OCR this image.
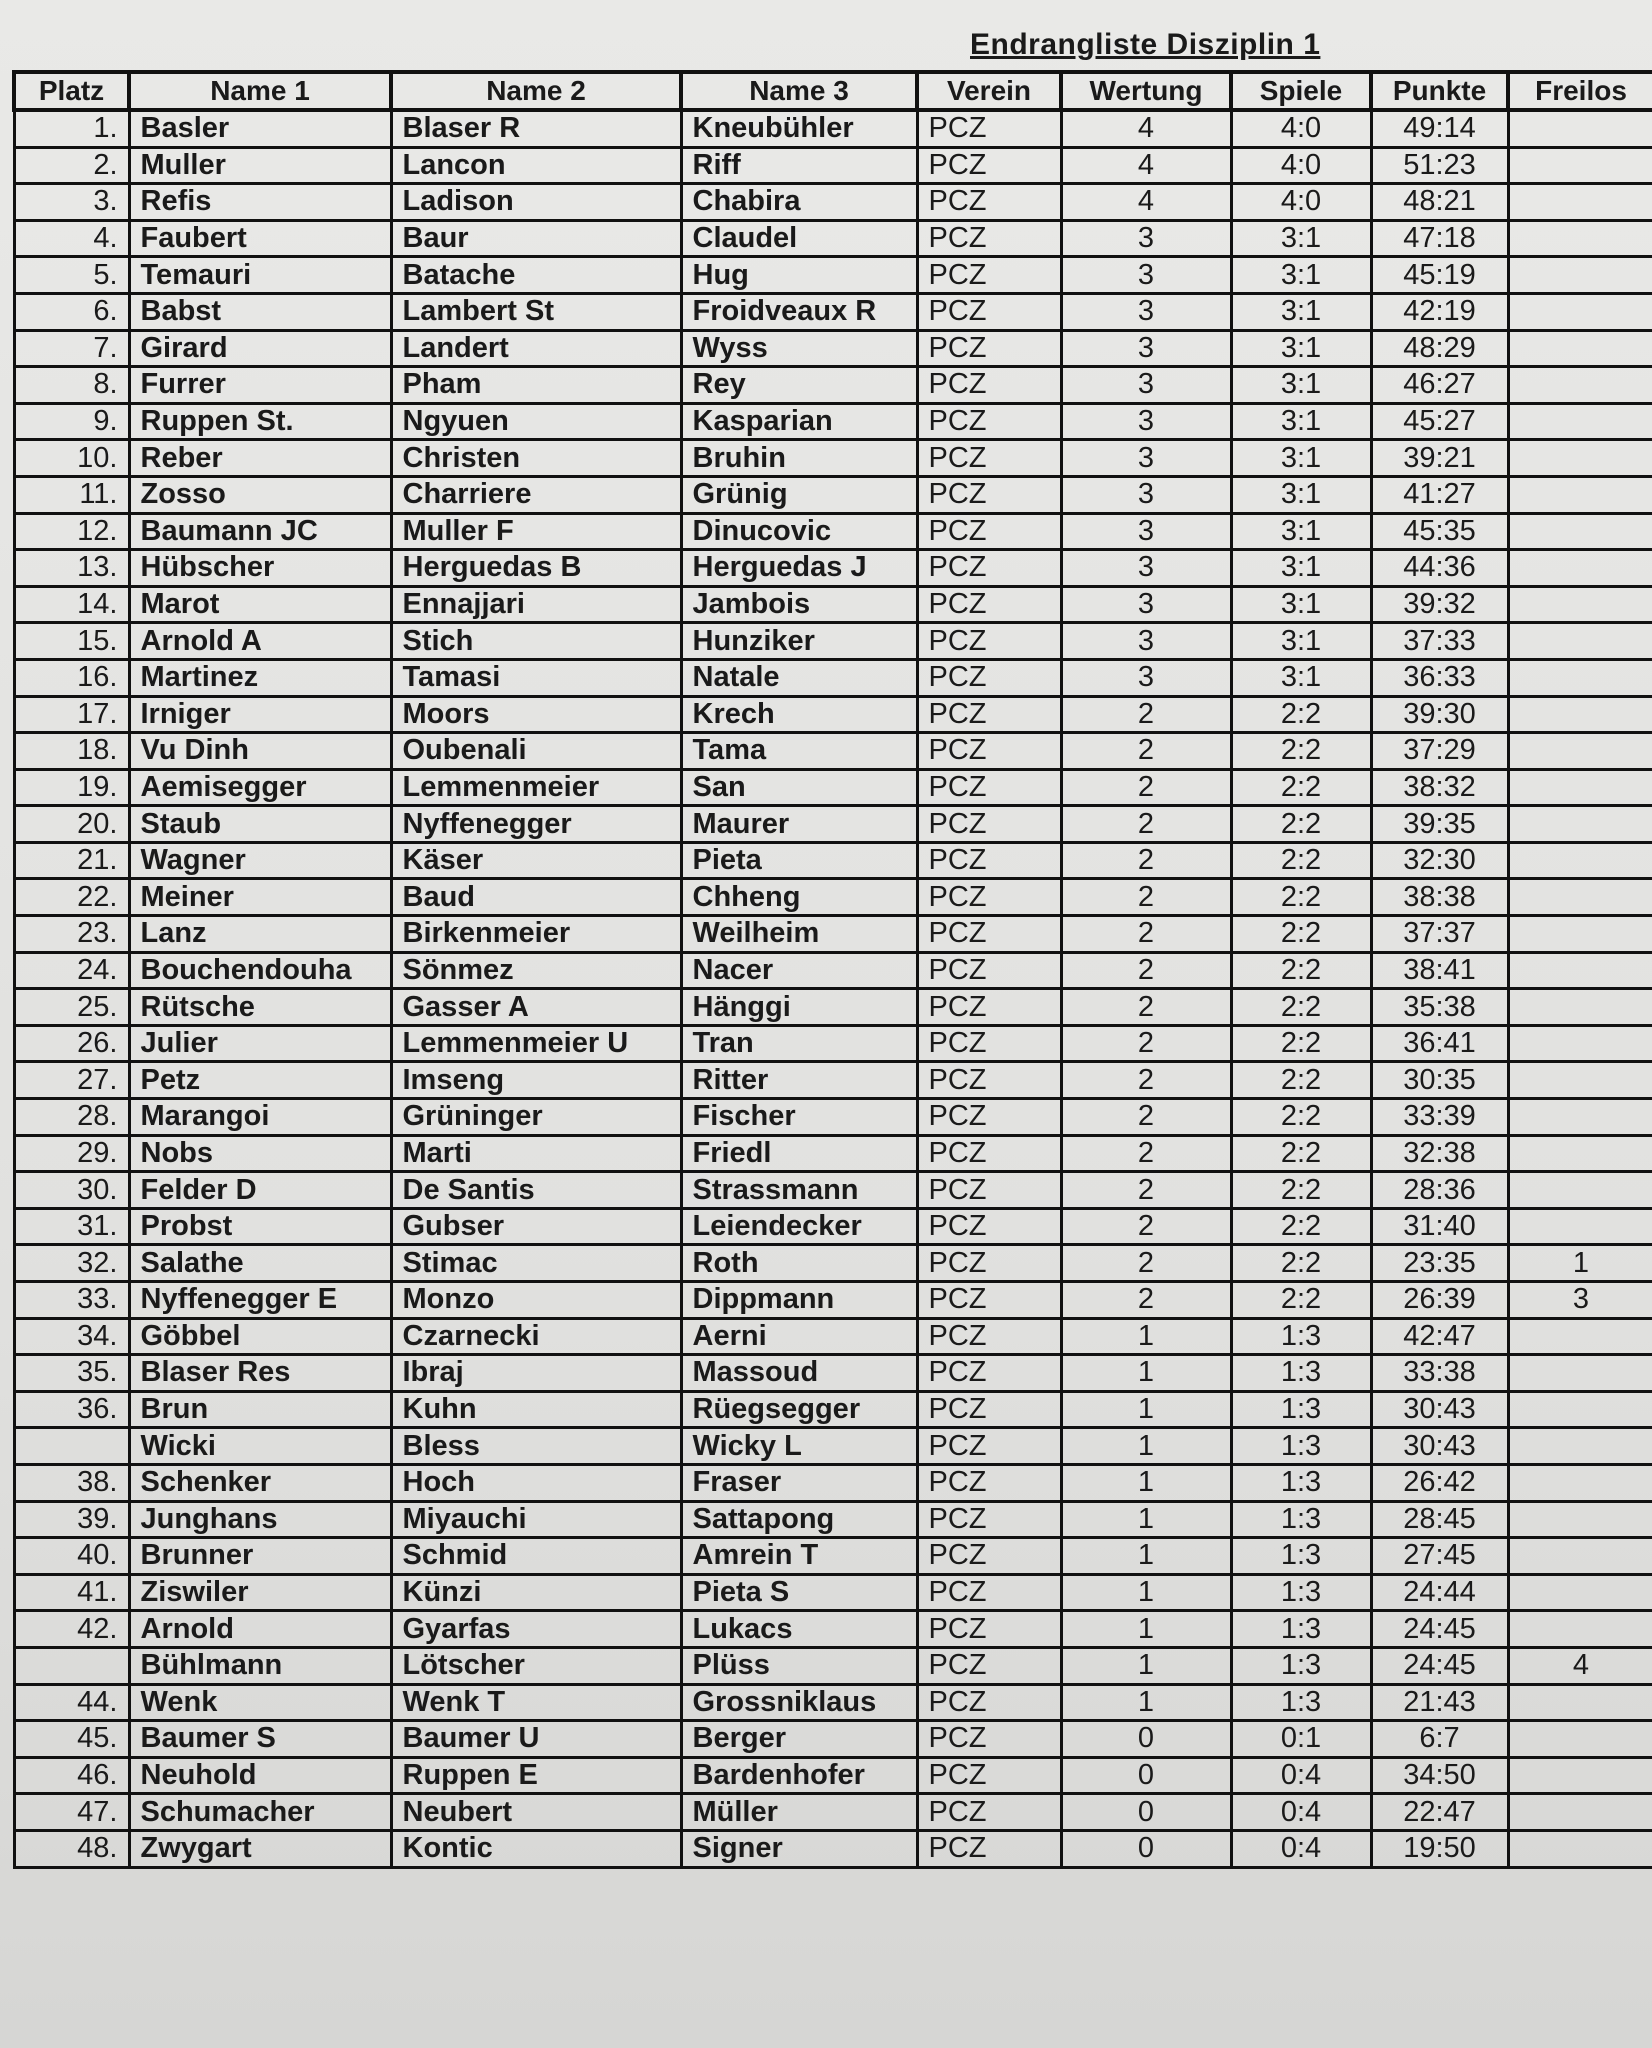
Endrangliste Disziplin 1
Platz	Name 1	Name 2	Name 3	Verein	Wertung	Spiele	Punkte	Freilos
1.	Basler	Blaser R	Kneubühler	PCZ	4	4:0	49:14	
2.	Muller	Lancon	Riff	PCZ	4	4:0	51:23	
3.	Refis	Ladison	Chabira	PCZ	4	4:0	48:21	
4.	Faubert	Baur	Claudel	PCZ	3	3:1	47:18	
5.	Temauri	Batache	Hug	PCZ	3	3:1	45:19	
6.	Babst	Lambert St	Froidveaux R	PCZ	3	3:1	42:19	
7.	Girard	Landert	Wyss	PCZ	3	3:1	48:29	
8.	Furrer	Pham	Rey	PCZ	3	3:1	46:27	
9.	Ruppen St.	Ngyuen	Kasparian	PCZ	3	3:1	45:27	
10.	Reber	Christen	Bruhin	PCZ	3	3:1	39:21	
11.	Zosso	Charriere	Grünig	PCZ	3	3:1	41:27	
12.	Baumann JC	Muller F	Dinucovic	PCZ	3	3:1	45:35	
13.	Hübscher	Herguedas B	Herguedas J	PCZ	3	3:1	44:36	
14.	Marot	Ennajjari	Jambois	PCZ	3	3:1	39:32	
15.	Arnold A	Stich	Hunziker	PCZ	3	3:1	37:33	
16.	Martinez	Tamasi	Natale	PCZ	3	3:1	36:33	
17.	Irniger	Moors	Krech	PCZ	2	2:2	39:30	
18.	Vu Dinh	Oubenali	Tama	PCZ	2	2:2	37:29	
19.	Aemisegger	Lemmenmeier	San	PCZ	2	2:2	38:32	
20.	Staub	Nyffenegger	Maurer	PCZ	2	2:2	39:35	
21.	Wagner	Käser	Pieta	PCZ	2	2:2	32:30	
22.	Meiner	Baud	Chheng	PCZ	2	2:2	38:38	
23.	Lanz	Birkenmeier	Weilheim	PCZ	2	2:2	37:37	
24.	Bouchendouha	Sönmez	Nacer	PCZ	2	2:2	38:41	
25.	Rütsche	Gasser A	Hänggi	PCZ	2	2:2	35:38	
26.	Julier	Lemmenmeier U	Tran	PCZ	2	2:2	36:41	
27.	Petz	Imseng	Ritter	PCZ	2	2:2	30:35	
28.	Marangoi	Grüninger	Fischer	PCZ	2	2:2	33:39	
29.	Nobs	Marti	Friedl	PCZ	2	2:2	32:38	
30.	Felder D	De Santis	Strassmann	PCZ	2	2:2	28:36	
31.	Probst	Gubser	Leiendecker	PCZ	2	2:2	31:40	
32.	Salathe	Stimac	Roth	PCZ	2	2:2	23:35	1
33.	Nyffenegger E	Monzo	Dippmann	PCZ	2	2:2	26:39	3
34.	Göbbel	Czarnecki	Aerni	PCZ	1	1:3	42:47	
35.	Blaser Res	Ibraj	Massoud	PCZ	1	1:3	33:38	
36.	Brun	Kuhn	Rüegsegger	PCZ	1	1:3	30:43	
	Wicki	Bless	Wicky L	PCZ	1	1:3	30:43	
38.	Schenker	Hoch	Fraser	PCZ	1	1:3	26:42	
39.	Junghans	Miyauchi	Sattapong	PCZ	1	1:3	28:45	
40.	Brunner	Schmid	Amrein T	PCZ	1	1:3	27:45	
41.	Ziswiler	Künzi	Pieta S	PCZ	1	1:3	24:44	
42.	Arnold	Gyarfas	Lukacs	PCZ	1	1:3	24:45	
	Bühlmann	Lötscher	Plüss	PCZ	1	1:3	24:45	4
44.	Wenk	Wenk T	Grossniklaus	PCZ	1	1:3	21:43	
45.	Baumer S	Baumer U	Berger	PCZ	0	0:1	6:7	
46.	Neuhold	Ruppen E	Bardenhofer	PCZ	0	0:4	34:50	
47.	Schumacher	Neubert	Müller	PCZ	0	0:4	22:47	
48.	Zwygart	Kontic	Signer	PCZ	0	0:4	19:50	
